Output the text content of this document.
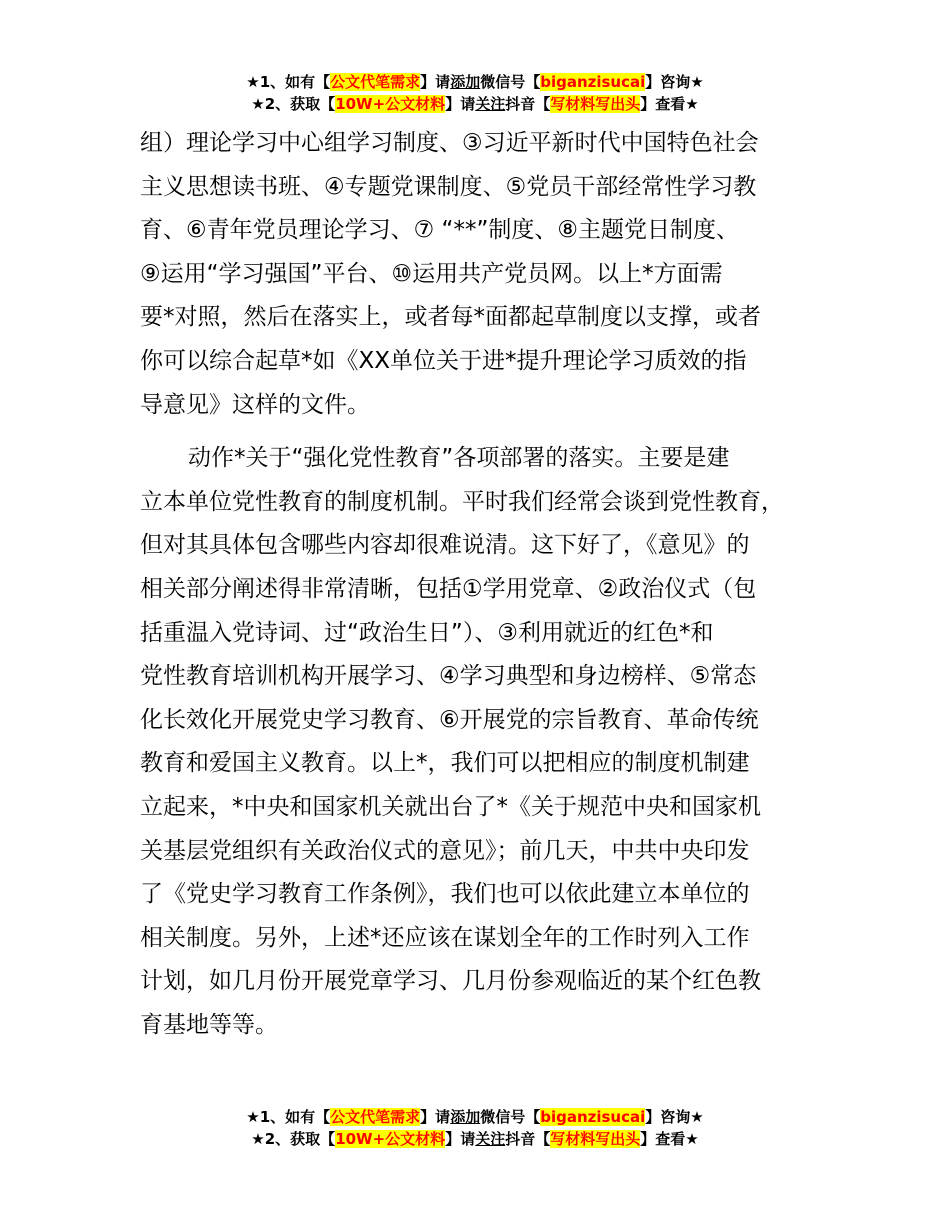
★1、如有【公文代笔需求】请添加微信号【biganzisucai】咨询★
★2、获取【10W+公文材料】请关注抖音【写材料写出头】查看★

组）理论学习中心组学习制度、③习近平新时代中国特色社会
主义思想读书班、④专题党课制度、⑤党员干部经常性学习教
育、⑥青年党员理论学习、⑦ “**”制度、⑧主题党日制度、
⑨运用“学习强国”平台、⑩运用共产党员网。以上*方面需
要*对照，然后在落实上，或者每*面都起草制度以支撑，或者
你可以综合起草*如《XX单位关于进*提升理论学习质效的指
导意见》这样的文件。

动作*关于“强化党性教育”各项部署的落实。主要是建
立本单位党性教育的制度机制。平时我们经常会谈到党性教育，
但对其具体包含哪些内容却很难说清。这下好了，《意见》的
相关部分阐述得非常清晰，包括①学用党章、②政治仪式（包
括重温入党诗词、过“政治生日”）、③利用就近的红色*和
党性教育培训机构开展学习、④学习典型和身边榜样、⑤常态
化长效化开展党史学习教育、⑥开展党的宗旨教育、革命传统
教育和爱国主义教育。以上*，我们可以把相应的制度机制建
立起来，*中央和国家机关就出台了*《关于规范中央和国家机
关基层党组织有关政治仪式的意见》；前几天，中共中央印发
了《党史学习教育工作条例》，我们也可以依此建立本单位的
相关制度。另外，上述*还应该在谋划全年的工作时列入工作
计划，如几月份开展党章学习、几月份参观临近的某个红色教
育基地等等。

★1、如有【公文代笔需求】请添加微信号【biganzisucai】咨询★
★2、获取【10W+公文材料】请关注抖音【写材料写出头】查看★
